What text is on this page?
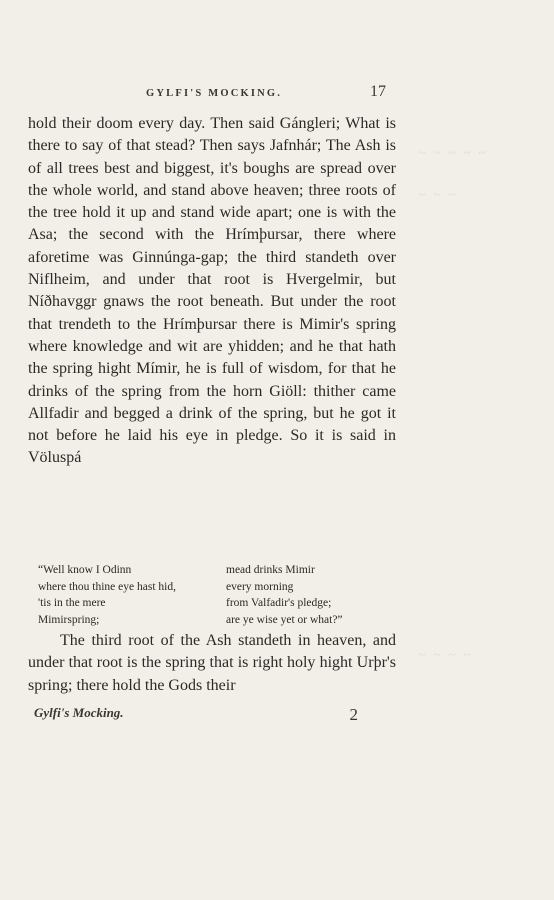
~ ~ ~ ~ ~
~ ~ ~
~ ~ ~ ~
GYLFI'S MOCKING.	17

hold their doom every day. Then said Gángleri; What is there to say of that stead? Then says Jafnhár; The Ash is of all trees best and biggest, it's boughs are spread over the whole world, and stand above heaven; three roots of the tree hold it up and stand wide apart; one is with the Asa; the second with the Hrímþursar, there where aforetime was Ginnúnga-gap; the third standeth over Niflheim, and under that root is Hvergelmir, but Níðhavggr gnaws the root beneath. But under the root that trendeth to the Hrímþursar there is Mimir's spring where knowledge and wit are yhidden; and he that hath the spring hight Mímir, he is full of wisdom, for that he drinks of the spring from the horn Giöll: thither came Allfadir and begged a drink of the spring, but he got it not before he laid his eye in pledge. So it is said in Völuspá

“Well know I Odinn	mead drinks Mimir
where thou thine eye hast hid,	every morning
'tis in the mere	from Valfadir's pledge;
Mimirspring;	are ye wise yet or what?”

The third root of the Ash standeth in heaven, and under that root is the spring that is right holy hight Urþr's spring; there hold the Gods their

Gylfi's Mocking.	2
